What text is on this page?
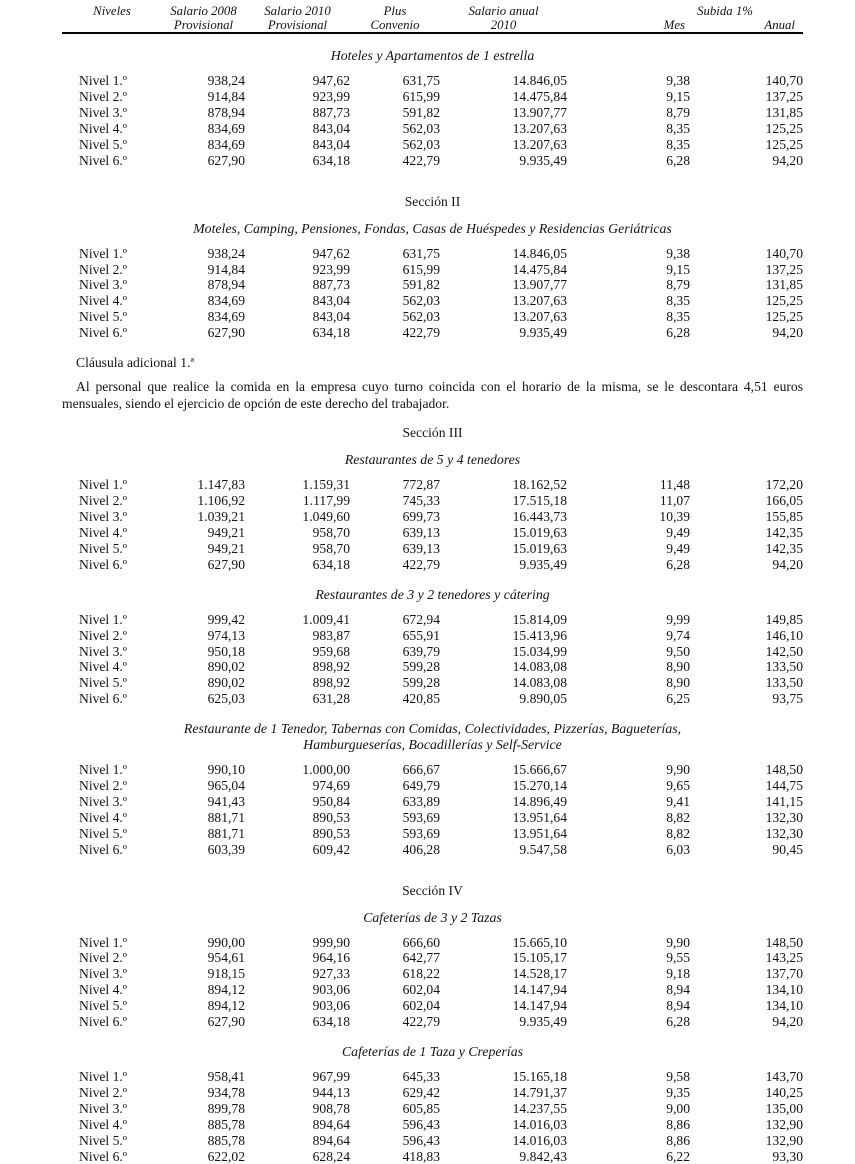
Niveles	Salario 2008	Salario 2010	Plus	Salario anual	Subida 1%	
	Provisional	Provisional	Convenio	2010	Mes	Anual
Hoteles y Apartamentos de 1 estrella
Nivel 1.º	938,24	947,62	631,75	14.846,05	9,38	140,70
Nivel 2.º	914,84	923,99	615,99	14.475,84	9,15	137,25
Nivel 3.º	878,94	887,73	591,82	13.907,77	8,79	131,85
Nivel 4.º	834,69	843,04	562,03	13.207,63	8,35	125,25
Nivel 5.º	834,69	843,04	562,03	13.207,63	8,35	125,25
Nivel 6.º	627,90	634,18	422,79	9.935,49	6,28	94,20
Sección II
Moteles, Camping, Pensiones, Fondas, Casas de Huéspedes y Residencias Geriátricas
Nivel 1.º	938,24	947,62	631,75	14.846,05	9,38	140,70
Nivel 2.º	914,84	923,99	615,99	14.475,84	9,15	137,25
Nivel 3.º	878,94	887,73	591,82	13.907,77	8,79	131,85
Nivel 4.º	834,69	843,04	562,03	13.207,63	8,35	125,25
Nivel 5.º	834,69	843,04	562,03	13.207,63	8,35	125,25
Nivel 6.º	627,90	634,18	422,79	9.935,49	6,28	94,20
Cláusula adicional 1.ª

Al personal que realice la comida en la empresa cuyo turno coincida con el horario de la misma, se le descontara 4,51 euros mensuales, siendo el ejercicio de opción de este derecho del trabajador.

Sección III
Restaurantes de 5 y 4 tenedores
Nivel 1.º	1.147,83	1.159,31	772,87	18.162,52	11,48	172,20
Nivel 2.º	1.106,92	1.117,99	745,33	17.515,18	11,07	166,05
Nivel 3.º	1.039,21	1.049,60	699,73	16.443,73	10,39	155,85
Nivel 4.º	949,21	958,70	639,13	15.019,63	9,49	142,35
Nivel 5.º	949,21	958,70	639,13	15.019,63	9,49	142,35
Nivel 6.º	627,90	634,18	422,79	9.935,49	6,28	94,20
Restaurantes de 3 y 2 tenedores y cátering
Nivel 1.º	999,42	1.009,41	672,94	15.814,09	9,99	149,85
Nivel 2.º	974,13	983,87	655,91	15.413,96	9,74	146,10
Nivel 3.º	950,18	959,68	639,79	15.034,99	9,50	142,50
Nivel 4.º	890,02	898,92	599,28	14.083,08	8,90	133,50
Nivel 5.º	890,02	898,92	599,28	14.083,08	8,90	133,50
Nivel 6.º	625,03	631,28	420,85	9.890,05	6,25	93,75
Restaurante de 1 Tenedor, Tabernas con Comidas, Colectividades, Pizzerías, Bagueterías,
Hamburgueserías, Bocadillerías y Self-Service
Nivel 1.º	990,10	1.000,00	666,67	15.666,67	9,90	148,50
Nivel 2.º	965,04	974,69	649,79	15.270,14	9,65	144,75
Nivel 3.º	941,43	950,84	633,89	14.896,49	9,41	141,15
Nivel 4.º	881,71	890,53	593,69	13.951,64	8,82	132,30
Nivel 5.º	881,71	890,53	593,69	13.951,64	8,82	132,30
Nivel 6.º	603,39	609,42	406,28	9.547,58	6,03	90,45
Sección IV
Cafeterías de 3 y 2 Tazas
Nivel 1.º	990,00	999,90	666,60	15.665,10	9,90	148,50
Nivel 2.º	954,61	964,16	642,77	15.105,17	9,55	143,25
Nivel 3.º	918,15	927,33	618,22	14.528,17	9,18	137,70
Nivel 4.º	894,12	903,06	602,04	14.147,94	8,94	134,10
Nivel 5.º	894,12	903,06	602,04	14.147,94	8,94	134,10
Nivel 6.º	627,90	634,18	422,79	9.935,49	6,28	94,20
Cafeterías de 1 Taza y Creperías
Nivel 1.º	958,41	967,99	645,33	15.165,18	9,58	143,70
Nivel 2.º	934,78	944,13	629,42	14.791,37	9,35	140,25
Nivel 3.º	899,78	908,78	605,85	14.237,55	9,00	135,00
Nivel 4.º	885,78	894,64	596,43	14.016,03	8,86	132,90
Nivel 5.º	885,78	894,64	596,43	14.016,03	8,86	132,90
Nivel 6.º	622,02	628,24	418,83	9.842,43	6,22	93,30
